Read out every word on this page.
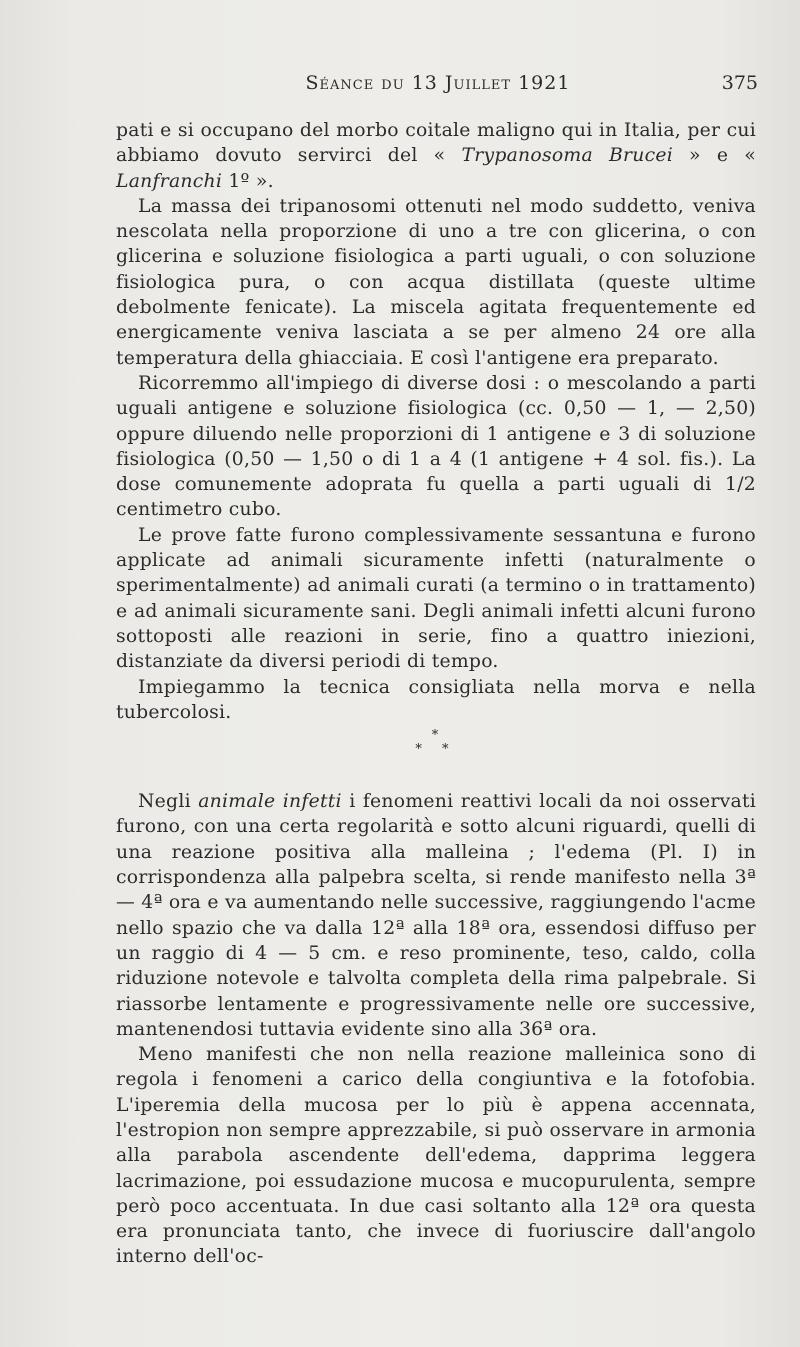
Séance du 13 Juillet 1921	375

pati e si occupano del morbo coitale maligno qui in Italia, per cui abbiamo dovuto servirci del « Trypanosoma Brucei » e « Lanfranchi 1º ».

La massa dei tripanosomi ottenuti nel modo suddetto, veniva nescolata nella proporzione di uno a tre con glicerina, o con glicerina e soluzione fisiologica a parti uguali, o con soluzione fisiologica pura, o con acqua distillata (queste ultime debolmente fenicate). La miscela agitata frequentemente ed energicamente veniva lasciata a se per almeno 24 ore alla temperatura della ghiacciaia. E così l'antigene era preparato.

Ricorremmo all'impiego di diverse dosi : o mescolando a parti uguali antigene e soluzione fisiologica (cc. 0,50 — 1, — 2,50) oppure diluendo nelle proporzioni di 1 antigene e 3 di soluzione fisiologica (0,50 — 1,50 o di 1 a 4 (1 antigene + 4 sol. fis.). La dose comunemente adoprata fu quella a parti uguali di 1/2 centimetro cubo.

Le prove fatte furono complessivamente sessantuna e furono applicate ad animali sicuramente infetti (naturalmente o sperimentalmente) ad animali curati (a termino o in trattamento) e ad animali sicuramente sani. Degli animali infetti alcuni furono sottoposti alle reazioni in serie, fino a quattro iniezioni, distanziate da diversi periodi di tempo.

Impiegammo la tecnica consigliata nella morva e nella tubercolosi.

*
* *

Negli animale infetti i fenomeni reattivi locali da noi osservati furono, con una certa regolarità e sotto alcuni riguardi, quelli di una reazione positiva alla malleina ; l'edema (Pl. I) in corrispondenza alla palpebra scelta, si rende manifesto nella 3ª — 4ª ora e va aumentando nelle successive, raggiungendo l'acme nello spazio che va dalla 12ª alla 18ª ora, essendosi diffuso per un raggio di 4 — 5 cm. e reso prominente, teso, caldo, colla riduzione notevole e talvolta completa della rima palpebrale. Si riassorbe lentamente e progressivamente nelle ore successive, mantenendosi tuttavia evidente sino alla 36ª ora.

Meno manifesti che non nella reazione malleinica sono di regola i fenomeni a carico della congiuntiva e la fotofobia. L'iperemia della mucosa per lo più è appena accennata, l'estropion non sempre apprezzabile, si può osservare in armonia alla parabola ascendente dell'edema, dapprima leggera lacrimazione, poi essudazione mucosa e mucopurulenta, sempre però poco accentuata. In due casi soltanto alla 12ª ora questa era pronunciata tanto, che invece di fuoriuscire dall'angolo interno dell'oc-
